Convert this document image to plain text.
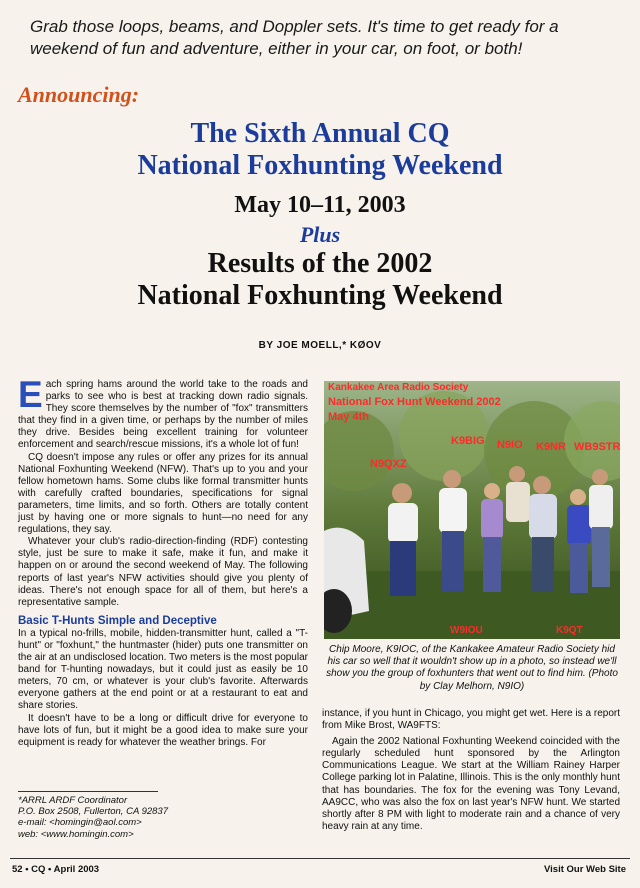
Grab those loops, beams, and Doppler sets. It's time to get ready for a weekend of fun and adventure, either in your car, on foot, or both!
Announcing:
The Sixth Annual CQ
National Foxhunting Weekend
May 10–11, 2003
Plus
Results of the 2002
National Foxhunting Weekend
BY JOE MOELL,* KØOV

Each spring hams around the world take to the roads and parks to see who is best at tracking down radio signals. They score themselves by the number of "fox" transmitters that they find in a given time, or perhaps by the number of miles they drive. Besides being excellent training for volunteer enforcement and search/rescue missions, it's a whole lot of fun!

CQ doesn't impose any rules or offer any prizes for its annual National Foxhunting Weekend (NFW). That's up to you and your fellow hometown hams. Some clubs like formal transmitter hunts with carefully crafted boundaries, specifications for signal parameters, time limits, and so forth. Others are totally content just by having one or more signals to hunt—no need for any regulations, they say.

Whatever your club's radio-direction-finding (RDF) contesting style, just be sure to make it safe, make it fun, and make it happen on or around the second weekend of May. The following reports of last year's NFW activities should give you plenty of ideas. There's not enough space for all of them, but here's a representative sample.

Basic T-Hunts Simple and Deceptive

In a typical no-frills, mobile, hidden-transmitter hunt, called a "T-hunt" or "foxhunt," the huntmaster (hider) puts one transmitter on the air at an undisclosed location. Two meters is the most popular band for T-hunting nowadays, but it could just as easily be 10 meters, 70 cm, or whatever is your club's favorite. Afterwards everyone gathers at the end point or at a restaurant to eat and share stories.

It doesn't have to be a long or difficult drive for everyone to have lots of fun, but it might be a good idea to make sure your equipment is ready for whatever the weather brings. For

Kankakee Area Radio Society
National Fox Hunt Weekend 2002
May 4th
K9BIG
N9QXZ
N9IO K9NR WB9STR
W9IOU	K9QT
Chip Moore, K9IOC, of the Kankakee Amateur Radio Society hid his car so well that it wouldn't show up in a photo, so instead we'll show you the group of foxhunters that went out to find him. (Photo by Clay Melhorn, N9IO)

instance, if you hunt in Chicago, you might get wet. Here is a report from Mike Brost, WA9FTS:

Again the 2002 National Foxhunting Weekend coincided with the regularly scheduled hunt sponsored by the Arlington Communications League. We start at the William Rainey Harper College parking lot in Palatine, Illinois. This is the only monthly hunt that has boundaries. The fox for the evening was Tony Levand, AA9CC, who was also the fox on last year's NFW hunt. We started shortly after 8 PM with light to moderate rain and a chance of very heavy rain at any time.

*ARRL ARDF Coordinator
P.O. Box 2508, Fullerton, CA 92837
e-mail: <homingin@aol.com>
web: <www.homingin.com>
52 • CQ • April 2003	Visit Our Web Site
